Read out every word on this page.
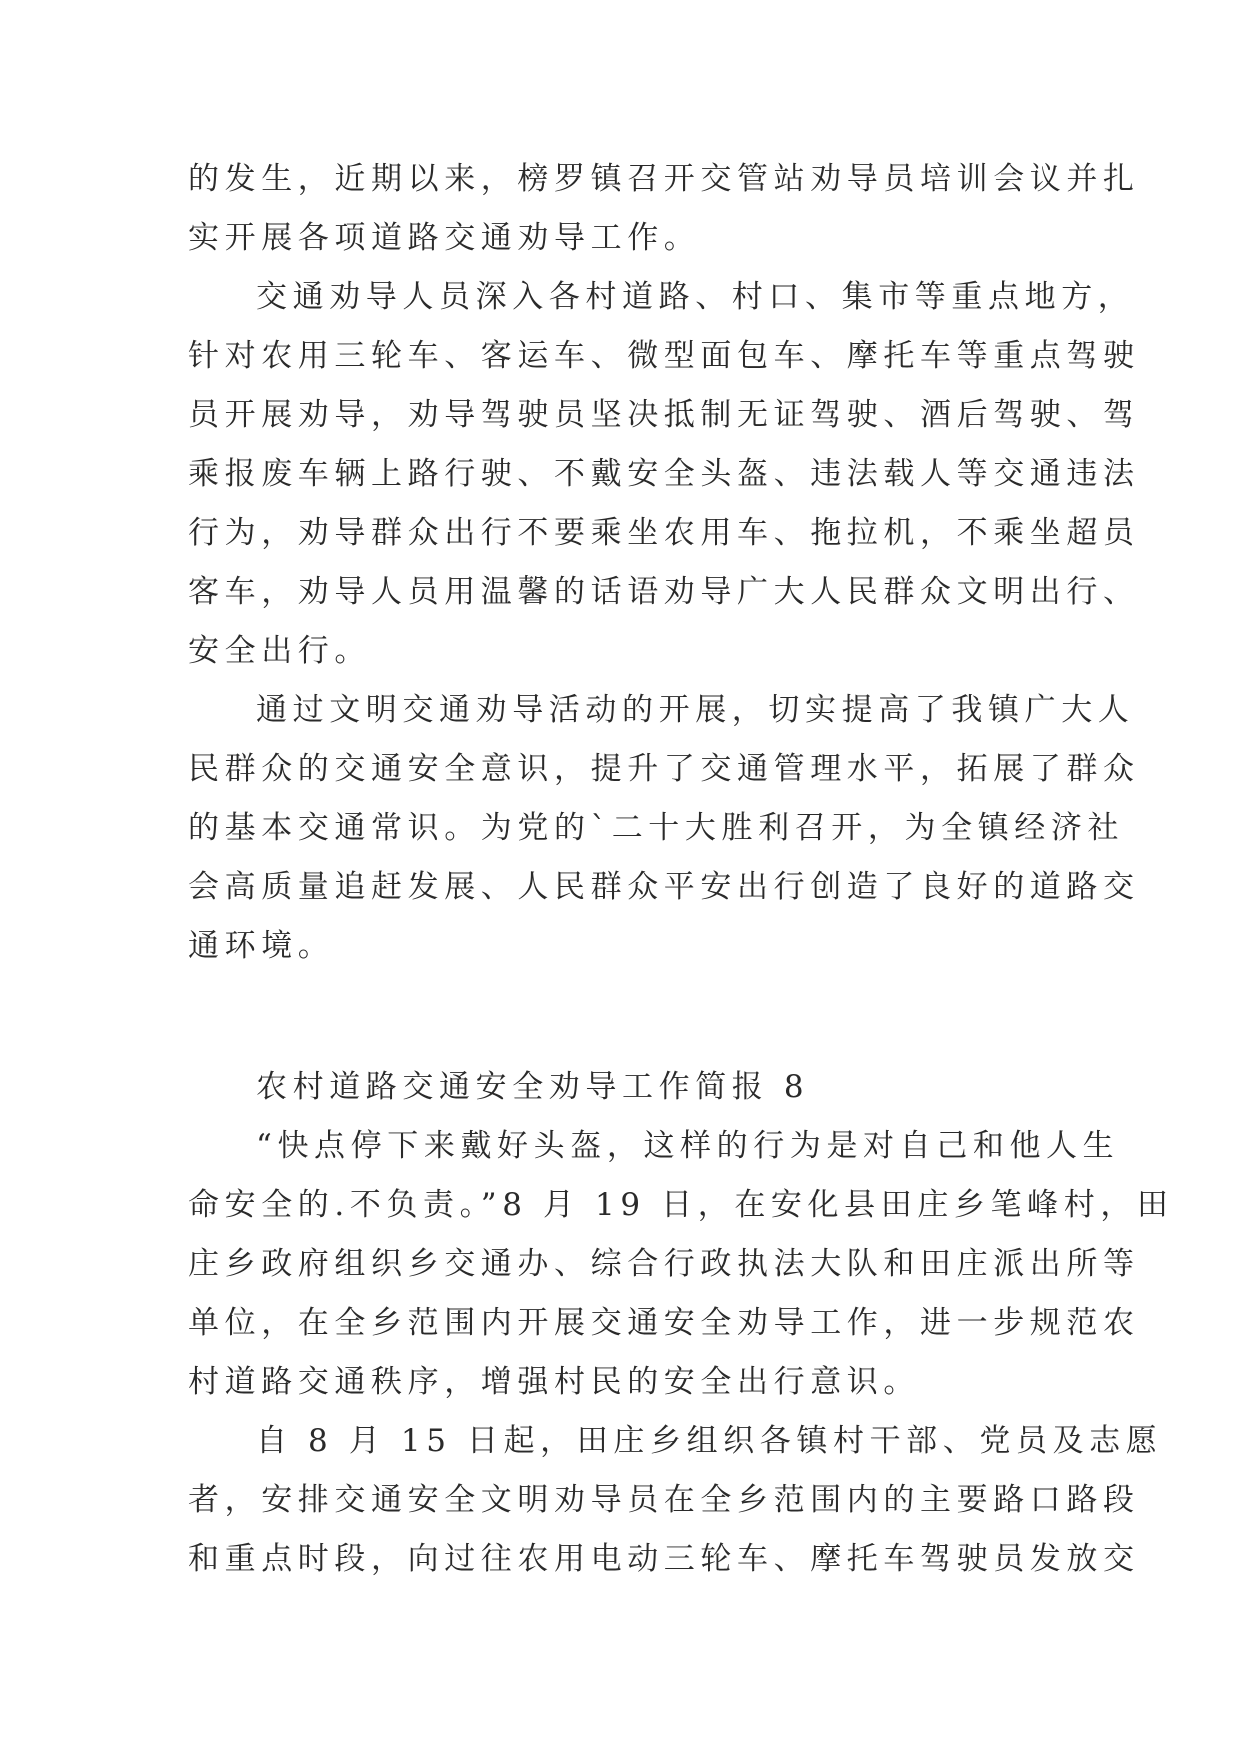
的发生，近期以来，榜罗镇召开交管站劝导员培训会议并扎
实开展各项道路交通劝导工作。
交通劝导人员深入各村道路、村口、集市等重点地方，
针对农用三轮车、客运车、微型面包车、摩托车等重点驾驶
员开展劝导，劝导驾驶员坚决抵制无证驾驶、酒后驾驶、驾
乘报废车辆上路行驶、不戴安全头盔、违法载人等交通违法
行为，劝导群众出行不要乘坐农用车、拖拉机，不乘坐超员
客车，劝导人员用温馨的话语劝导广大人民群众文明出行、
安全出行。
通过文明交通劝导活动的开展，切实提高了我镇广大人
民群众的交通安全意识，提升了交通管理水平，拓展了群众
的基本交通常识。为党的`二十大胜利召开，为全镇经济社
会高质量追赶发展、人民群众平安出行创造了良好的道路交
通环境。
农村道路交通安全劝导工作简报 8
“快点停下来戴好头盔，这样的行为是对自己和他人生
命安全的.不负责。”8 月 19 日，在安化县田庄乡笔峰村，田
庄乡政府组织乡交通办、综合行政执法大队和田庄派出所等
单位，在全乡范围内开展交通安全劝导工作，进一步规范农
村道路交通秩序，增强村民的安全出行意识。
自 8 月 15 日起，田庄乡组织各镇村干部、党员及志愿
者，安排交通安全文明劝导员在全乡范围内的主要路口路段
和重点时段，向过往农用电动三轮车、摩托车驾驶员发放交
